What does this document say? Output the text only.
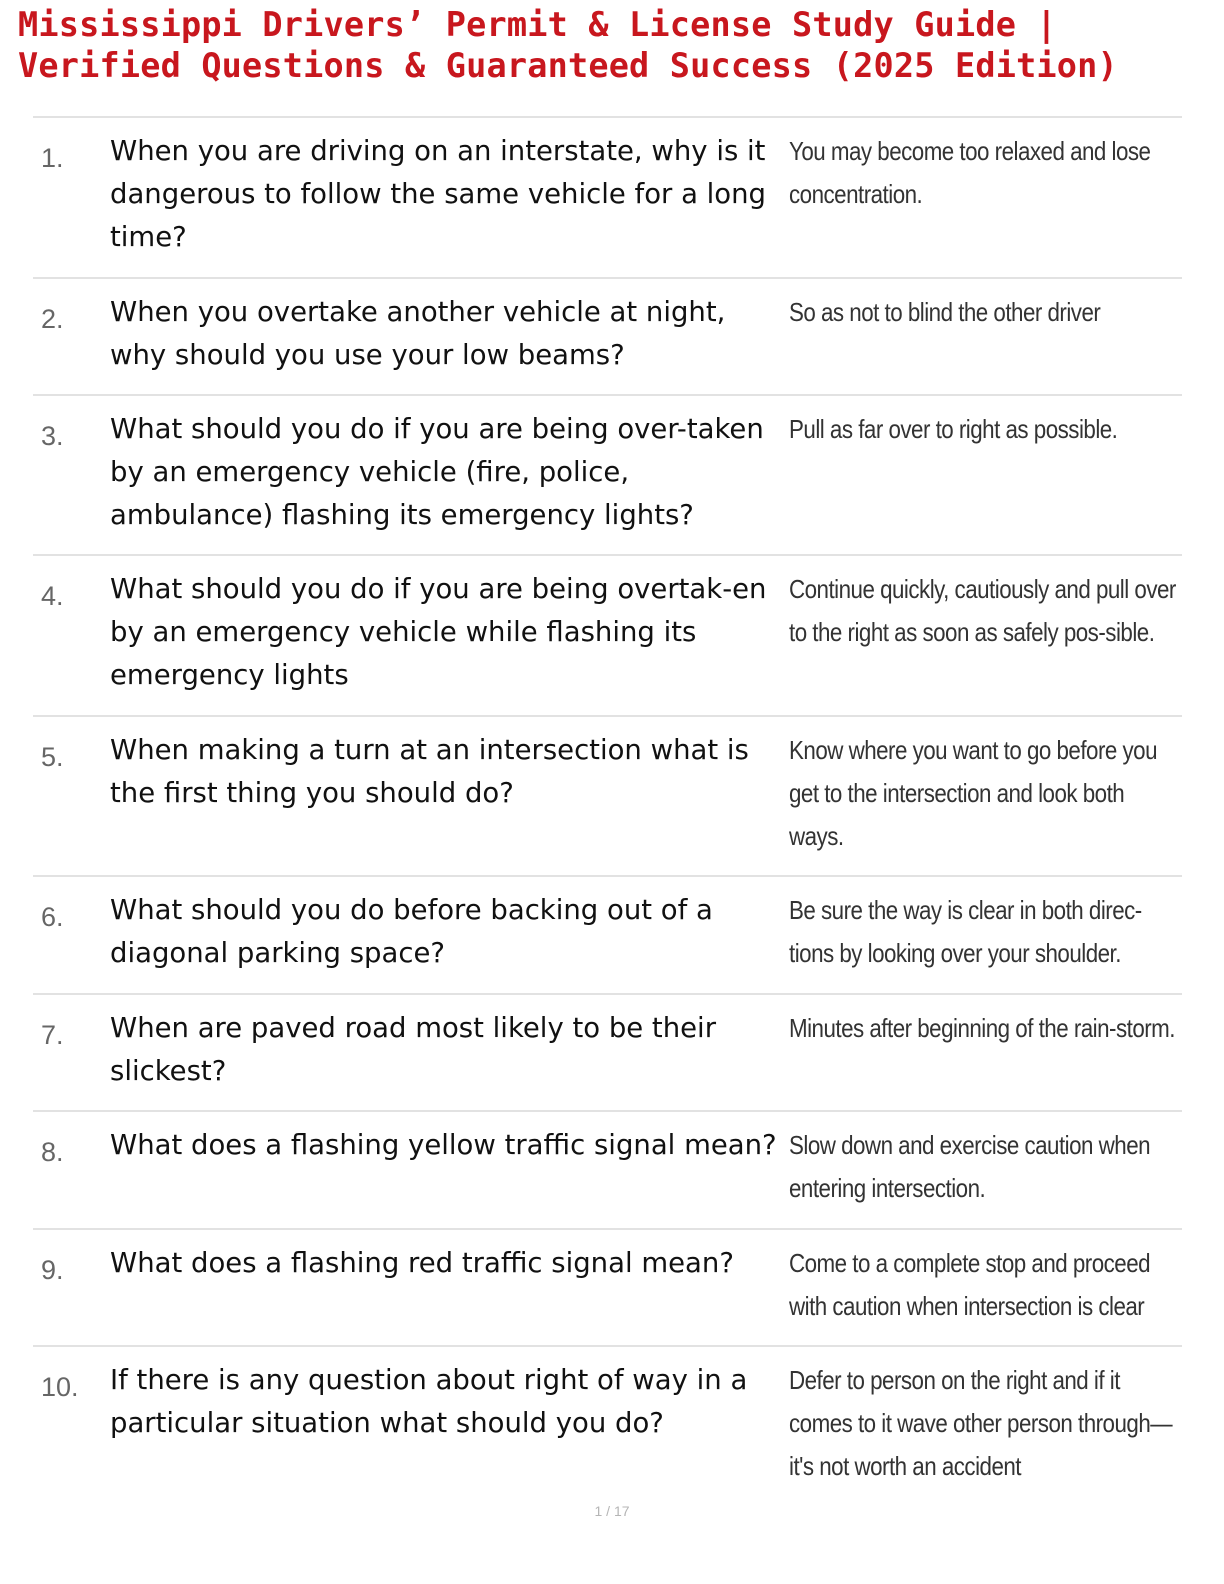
Mississippi Drivers’ Permit & License Study Guide | Verified Questions & Guaranteed Success (2025 Edition)
1. When you are driving on an interstate, why is it dangerous to follow the same vehicle for a long time?
You may become too relaxed and lose concentration.
2. When you overtake another vehicle at night, why should you use your low beams?
So as not to blind the other driver
3. What should you do if you are being over-taken by an emergency vehicle (fire, police, ambulance) flashing its emergency lights?
Pull as far over to right as possible.
4. What should you do if you are being overtak-en by an emergency vehicle while flashing its emergency lights
Continue quickly, cautiously and pull over to the right as soon as safely pos-sible.
5. When making a turn at an intersection what is the first thing you should do?
Know where you want to go before you get to the intersection and look both ways.
6. What should you do before backing out of a diagonal parking space?
Be sure the way is clear in both direc-tions by looking over your shoulder.
7. When are paved road most likely to be their slickest?
Minutes after beginning of the rain-storm.
8. What does a flashing yellow traffic signal mean? Slow down and exercise caution when entering intersection.
9. What does a flashing red traffic signal mean?	Come to a complete stop and proceed with caution when intersection is clear
10. If there is any question about right of way in a particular situation what should you do?
Defer to person on the right and if it comes to it wave other person through—it's not worth an accident
1 / 17
